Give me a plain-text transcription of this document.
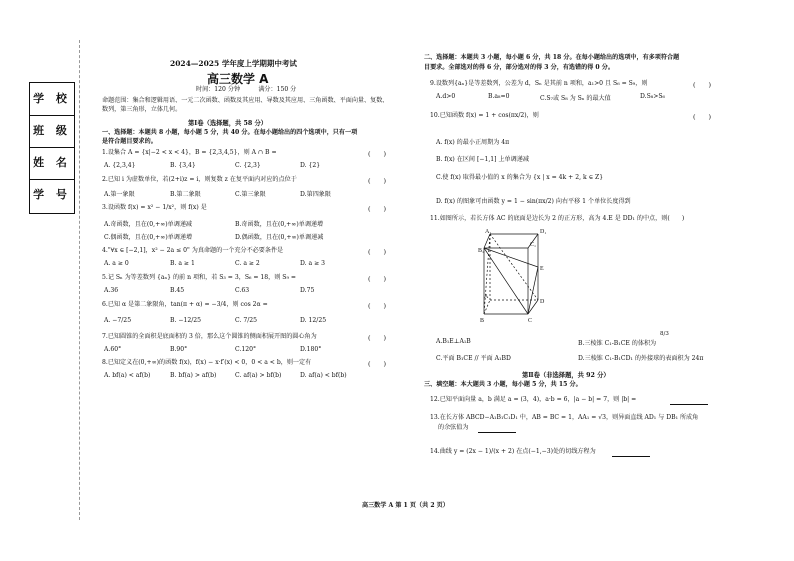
学 校
班 级
姓 名
学 号
2024—2025 学年度上学期期中考试
高三数学 A
时间：120 分钟　　　满分：150 分
命题范围：集合和逻辑用语、一元二次函数、函数及其应用、导数及其应用、三角函数、平面向量、复数、
数列，第三角形，立体几何。
第Ⅰ卷（选择题，共 58 分）
一、选择题：本题共 8 小题，每小题 5 分，共 40 分。在每小题给出的四个选项中，只有一项
是符合题目要求的。
1.设集合 A = {x|−2 < x < 4}，B = {2,3,4,5}，则 A ∩ B =	(　　)
A. {2,3,4}	B. {3,4}	C. {2,3}	D. {2}
2.已知 i 为虚数单位，若(2+i)z = i，则复数 z 在复平面内对应的点位于	(　　)
A.第一象限	B.第二象限	C.第三象限	D.第四象限
3.设函数 f(x) = x² − 1/x²，则 f(x) 是	(　　)
A.奇函数，且在(0,+∞)单调递减	B.奇函数，且在(0,+∞)单调递增
C.偶函数，且在(0,+∞)单调递增	D.偶函数，且在(0,+∞)单调递减
4."∀x ∈ [−2,1]，x² − 2a ≤ 0" 为真命题的一个充分不必要条件是	(　　)
A. a ≥ 0	B. a ≥ 1	C. a ≥ 2	D. a ≥ 3
5.记 Sₙ 为等差数列 {aₙ} 的前 n 项和，若 S₃ = 3，S₆ = 18，则 S₉ =	(　　)
A.36	B.45	C.63	D.75
6.已知 α 是第二象限角，tan(π + α) = −3/4，则 cos 2α =	(　　)
A. −7/25	B. −12/25	C. 7/25	D. 12/25
7.已知圆锥的全面积是底面积的 3 倍，那么这个圆锥的侧面积展开图的圆心角为	(　　)
A.60°	B.90°	C.120°	D.180°
8.已知定义在(0,+∞)的函数 f(x)，f(x) − x·f′(x) < 0，0 < a < b，则一定有	(　　)
A. bf(a) < af(b)	B. bf(a) > af(b)	C. af(a) > bf(b)	D. af(a) < bf(b)
二、选择题：本题共 3 小题，每小题 6 分，共 18 分。在每小题给出的选项中，有多项符合题
目要求。全部选对的得 6 分，部分选对的得 3 分，有选错的得 0 分。
9.设数列{aₙ}是等差数列，公差为 d，Sₙ 是其前 n 项和，a₁>0 且 S₆ = S₉，则	(　　)
A.d>0	B.a₈=0	C.S₇或 S₈ 为 Sₙ 的最大值	D.S₈>S₆
10.已知函数 f(x) = 1 + cos(πx/2)，则	(　　)
A. f(x) 的最小正周期为 4π
B. f(x) 在区间 [−1,1] 上单调递减
C.使 f(x) 取得最小值的 x 的集合为 {x | x = 4k + 2, k ∈ Z}
D. f(x) 的图象可由函数 y = 1 − sin(πx/2) 向右平移 1 个单位长度得到
11.如图所示，若长方体 AC 的底面是边长为 2 的正方形，高为 4.E 是 DD₁ 的中点，则(　　)
A₁	D₁
B₁
C₁
E
A
D
B	C
A.B₁E⊥A₁B	B.三棱锥 C₁-B₁CE 的体积为
8/3
C.平面 B₁CE // 平面 A₁BD	D.三棱锥 C₁-B₁CD₁ 的外接球的表面积为 24π
第Ⅱ卷（非选择题，共 92 分）
三、填空题：本大题共 3 小题，每小题 5 分，共 15 分。
12.已知平面向量 a，b 满足 a = (3，4)，a·b = 6，|a − b| = 7，则 |b| =
13.在长方体 ABCD−A₁B₁C₁D₁ 中，AB = BC = 1，AA₁ = √3，则异面直线 AD₁ 与 DB₁ 所成角
的余弦值为
14.曲线 y = (2x − 1)/(x + 2) 在点(−1,−3)处的切线方程为
高三数学 A 第 1 页（共 2 页）
